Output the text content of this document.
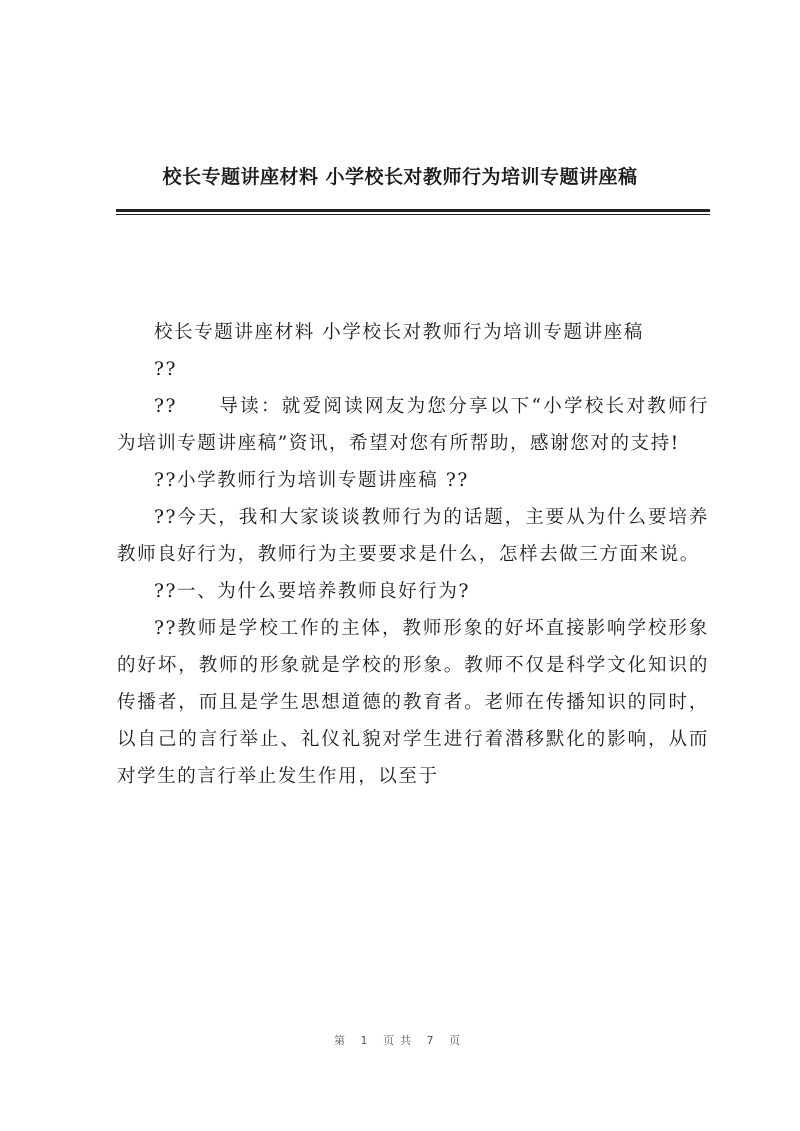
校长专题讲座材料 小学校长对教师行为培训专题讲座稿

校长专题讲座材料 小学校长对教师行为培训专题讲座稿

??

??　　导读：就爱阅读网友为您分享以下“小学校长对教师行为培训专题讲座稿”资讯，希望对您有所帮助，感谢您对的支持!

??小学教师行为培训专题讲座稿 ??

??今天，我和大家谈谈教师行为的话题，主要从为什么要培养教师良好行为，教师行为主要要求是什么，怎样去做三方面来说。

??一、为什么要培养教师良好行为?

??教师是学校工作的主体，教师形象的好坏直接影响学校形象的好坏，教师的形象就是学校的形象。教师不仅是科学文化知识的传播者，而且是学生思想道德的教育者。老师在传播知识的同时，以自己的言行举止、礼仪礼貌对学生进行着潜移默化的影响，从而对学生的言行举止发生作用，以至于

第 1 页共 7 页
